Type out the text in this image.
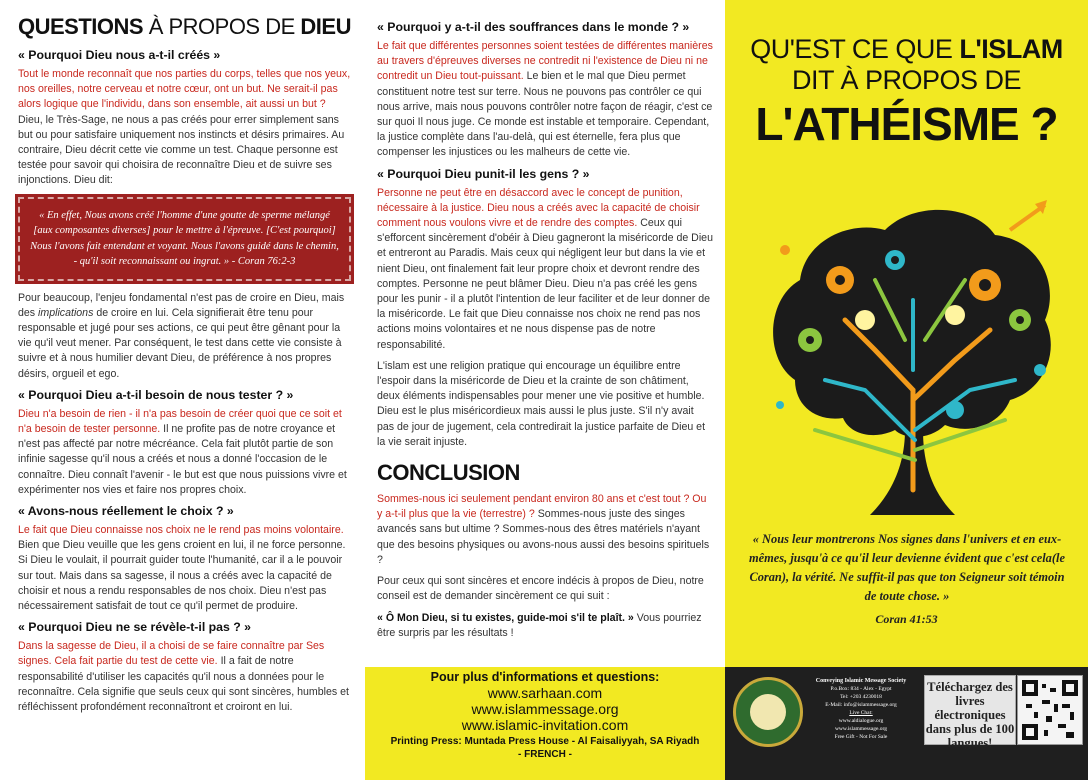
QUESTIONS À PROPOS DE DIEU
« Pourquoi Dieu nous a-t-il créés »

Tout le monde reconnaît que nos parties du corps, telles que nos yeux, nos oreilles, notre cerveau et notre cœur, ont un but. Ne serait-il pas alors logique que l'individu, dans son ensemble, ait aussi un but ? Dieu, le Très-Sage, ne nous a pas créés pour errer simplement sans but ou pour satisfaire uniquement nos instincts et désirs primaires. Au contraire, Dieu décrit cette vie comme un test. Chaque personne est testée pour savoir qui choisira de reconnaître Dieu et de suivre ses injonctions. Dieu dit:

« En effet, Nous avons créé l'homme d'une goutte de sperme mélangé [aux composantes diverses] pour le mettre à l'épreuve. [C'est pourquoi] Nous l'avons fait entendant et voyant. Nous l'avons guidé dans le chemin, - qu'il soit reconnaissant ou ingrat. » - Coran 76:2-3

Pour beaucoup, l'enjeu fondamental n'est pas de croire en Dieu, mais des implications de croire en lui. Cela signifierait être tenu pour responsable et jugé pour ses actions, ce qui peut être gênant pour la vie qu'il veut mener. Par conséquent, le test dans cette vie consiste à suivre et à nous humilier devant Dieu, de préférence à nos propres désirs, orgueil et ego.

« Pourquoi Dieu a-t-il besoin de nous tester ? »

Dieu n'a besoin de rien - il n'a pas besoin de créer quoi que ce soit et n'a besoin de tester personne. Il ne profite pas de notre croyance et n'est pas affecté par notre mécréance. Cela fait plutôt partie de son infinie sagesse qu'il nous a créés et nous a donné l'occasion de le connaître. Dieu connaît l'avenir - le but est que nous puissions vivre et expérimenter nos vies et faire nos propres choix.

« Avons-nous réellement le choix ? »

Le fait que Dieu connaisse nos choix ne le rend pas moins volontaire. Bien que Dieu veuille que les gens croient en lui, il ne force personne. Si Dieu le voulait, il pourrait guider toute l'humanité, car il a le pouvoir sur tout. Mais dans sa sagesse, il nous a créés avec la capacité de choisir et nous a rendu responsables de nos choix. Dieu n'est pas nécessairement satisfait de tout ce qu'il permet de produire.

« Pourquoi Dieu ne se révèle-t-il pas ? »

Dans la sagesse de Dieu, il a choisi de se faire connaître par Ses signes. Cela fait partie du test de cette vie. Il a fait de notre responsabilité d'utiliser les capacités qu'il nous a données pour le reconnaître. Cela signifie que seuls ceux qui sont sincères, humbles et réfléchissent profondément reconnaîtront et croiront en lui.

« Pourquoi y a-t-il des souffrances dans le monde ? »

Le fait que différentes personnes soient testées de différentes manières au travers d'épreuves diverses ne contredit ni l'existence de Dieu ni ne contredit un Dieu tout-puissant. Le bien et le mal que Dieu permet constituent notre test sur terre. Nous ne pouvons pas contrôler ce qui nous arrive, mais nous pouvons contrôler notre façon de réagir, c'est ce sur quoi Il nous juge. Ce monde est instable et temporaire. Cependant, la justice complète dans l'au-delà, qui est éternelle, fera plus que compenser les injustices ou les malheurs de cette vie.

« Pourquoi Dieu punit-il les gens ? »

Personne ne peut être en désaccord avec le concept de punition, nécessaire à la justice. Dieu nous a créés avec la capacité de choisir comment nous voulons vivre et de rendre des comptes. Ceux qui s'efforcent sincèrement d'obéir à Dieu gagneront la miséricorde de Dieu et entreront au Paradis. Mais ceux qui négligent leur but dans la vie et nient Dieu, ont finalement fait leur propre choix et devront rendre des comptes. Personne ne peut blâmer Dieu. Dieu n'a pas créé les gens pour les punir - il a plutôt l'intention de leur faciliter et de leur donner de la miséricorde. Le fait que Dieu connaisse nos choix ne rend pas nos actions moins volontaires et ne nous dispense pas de notre responsabilité.

L'islam est une religion pratique qui encourage un équilibre entre l'espoir dans la miséricorde de Dieu et la crainte de son châtiment, deux éléments indispensables pour mener une vie positive et humble. Dieu est le plus miséricordieux mais aussi le plus juste. S'il n'y avait pas de jour de jugement, cela contredirait la justice parfaite de Dieu et la vie serait injuste.

CONCLUSION

Sommes-nous ici seulement pendant environ 80 ans et c'est tout ? Ou y a-t-il plus que la vie (terrestre) ? Sommes-nous juste des singes avancés sans but ultime ? Sommes-nous des êtres matériels n'ayant que des besoins physiques ou avons-nous aussi des besoins spirituels ?

Pour ceux qui sont sincères et encore indécis à propos de Dieu, notre conseil est de demander sincèrement ce qui suit :

« Ô Mon Dieu, si tu existes, guide-moi s'il te plaît. » Vous pourriez être surpris par les résultats !

Pour plus d'informations et questions:
www.sarhaan.com
www.islammessage.org
www.islamic-invitation.com
Printing Press: Muntada Press House - Al Faisaliyyah, SA Riyadh
- FRENCH -
QU'EST CE QUE L'ISLAM
DIT À PROPOS DE
L'ATHÉISME ?
« Nous leur montrerons Nos signes dans l'univers et en eux-mêmes, jusqu'à ce qu'il leur devienne évident que c'est cela(le Coran), la vérité. Ne suffit-il pas que ton Seigneur soit témoin de toute chose. »
Coran 41:53
Conveying Islamic Message Society
P.o.Box: 834 - Alex - Egypt
Tel: +203 4230018
E-Mail: info@islammessage.org
Live Chat:
www.aldialogue.org
www.islammessage.org
Free Gift - Not For Sale
Téléchargez des livres électroniques dans plus de 100 langues!
